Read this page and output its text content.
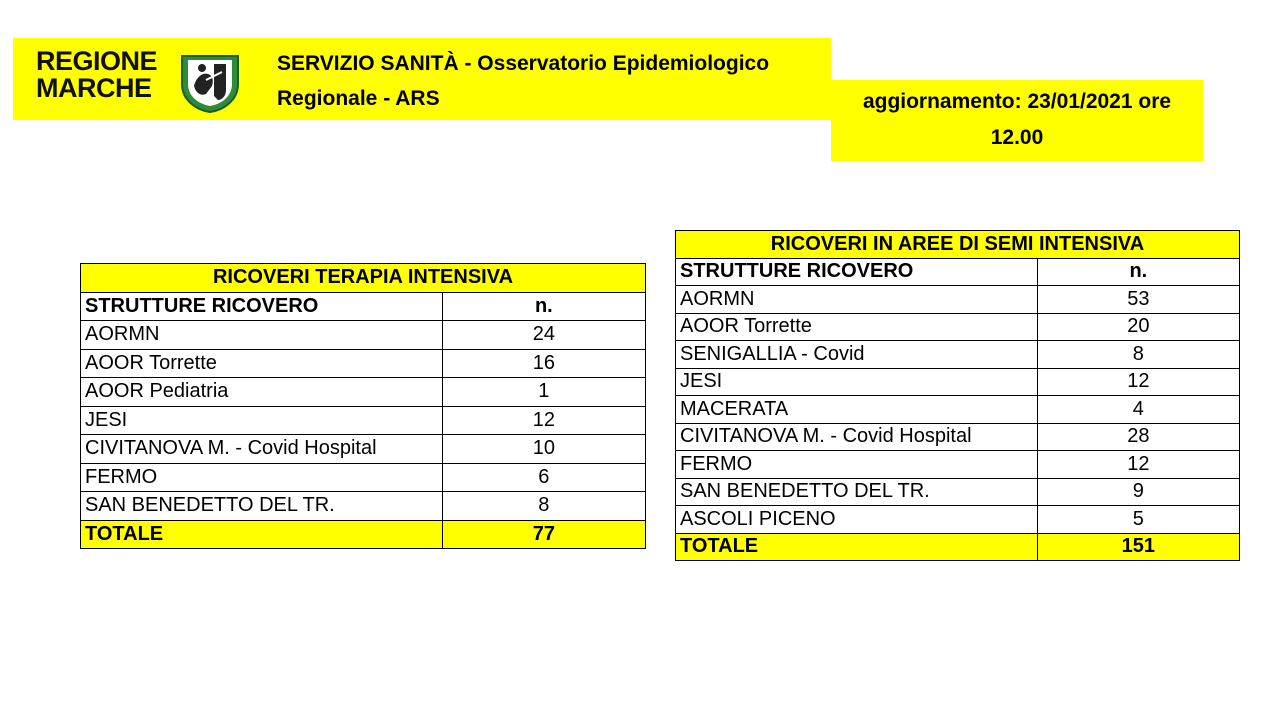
REGIONE
MARCHE
SERVIZIO SANITÀ - Osservatorio Epidemiologico
Regionale - ARS	aggiornamento: 23/01/2021 ore
12.00
RICOVERI TERAPIA INTENSIVA	
STRUTTURE RICOVERO	n.
AORMN	24
AOOR Torrette	16
AOOR Pediatria	1
JESI	12
CIVITANOVA M. - Covid Hospital	10
FERMO	6
SAN BENEDETTO DEL TR.	8
TOTALE	77
RICOVERI IN AREE DI SEMI INTENSIVA	
STRUTTURE RICOVERO	n.
AORMN	53
AOOR Torrette	20
SENIGALLIA - Covid	8
JESI	12
MACERATA	4
CIVITANOVA M. - Covid Hospital	28
FERMO	12
SAN BENEDETTO DEL TR.	9
ASCOLI PICENO	5
TOTALE	151
